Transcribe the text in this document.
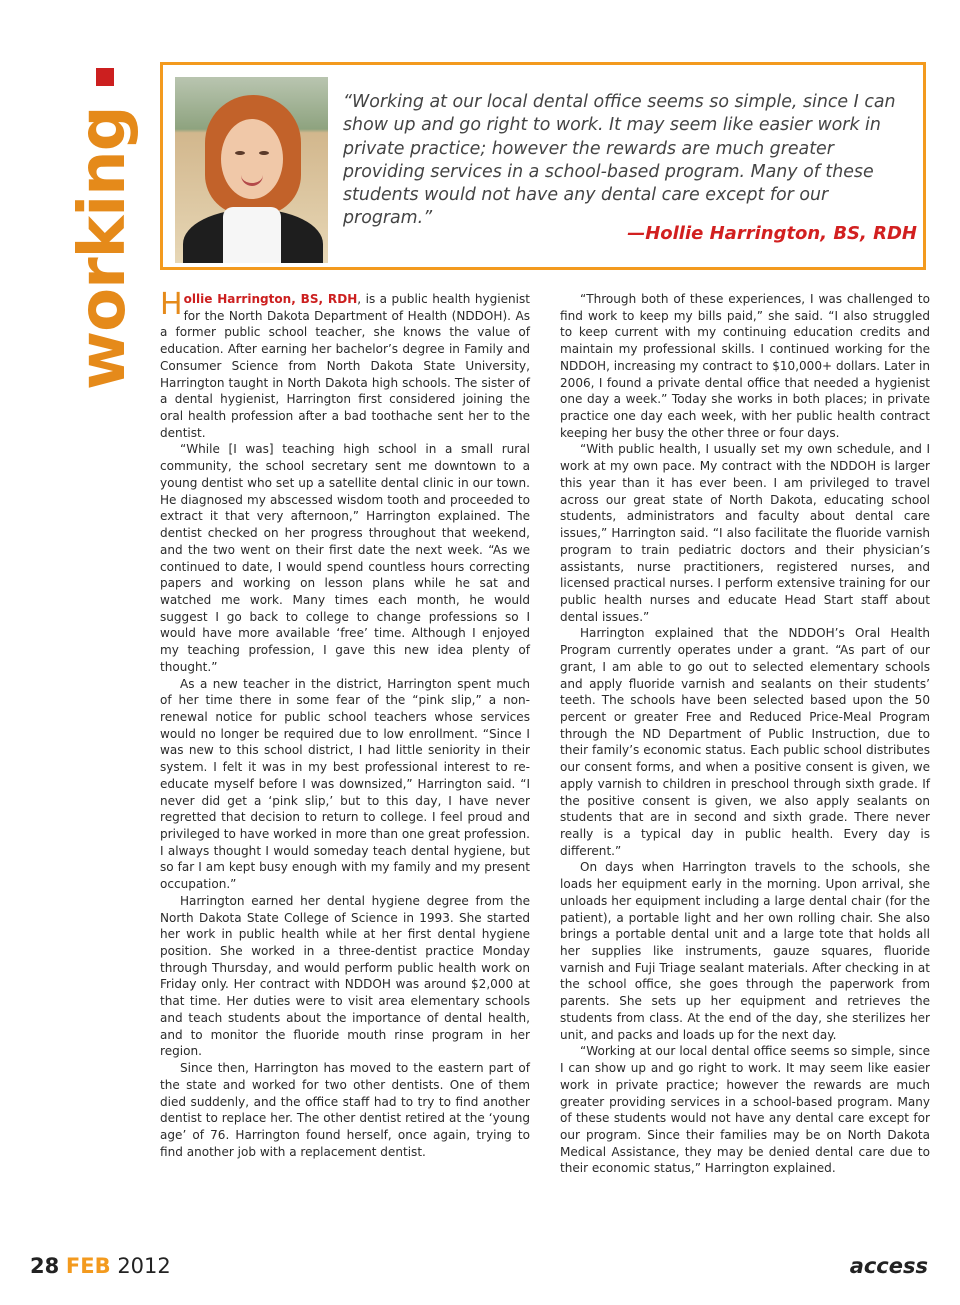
working
“Working at our local dental office seems so simple, since I can show up and go right to work. It may seem like easier work in private practice; however the rewards are much greater providing services in a school-based program. Many of these students would not have any dental care except for our program.”
—Hollie Harrington, BS, RDH

Hollie Harrington, BS, RDH, is a public health hygienist for the North Dakota Department of Health (NDDOH). As a former public school teacher, she knows the value of education. After earning her bachelor’s degree in Family and Consumer Science from North Dakota State University, Harrington taught in North Dakota high schools. The sister of a dental hygienist, Harrington first considered joining the oral health profession after a bad toothache sent her to the dentist.

“While [I was] teaching high school in a small rural community, the school secretary sent me downtown to a young dentist who set up a satellite dental clinic in our town. He diagnosed my abscessed wisdom tooth and proceeded to extract it that very afternoon,” Harrington explained. The dentist checked on her progress throughout that weekend, and the two went on their first date the next week. “As we continued to date, I would spend countless hours correcting papers and working on lesson plans while he sat and watched me work. Many times each month, he would suggest I go back to college to change professions so I would have more available ‘free’ time. Although I enjoyed my teaching profession, I gave this new idea plenty of thought.”

As a new teacher in the district, Harrington spent much of her time there in some fear of the “pink slip,” a non-renewal notice for public school teachers whose services would no longer be required due to low enrollment. “Since I was new to this school district, I had little seniority in their system. I felt it was in my best professional interest to re-educate myself before I was downsized,” Harrington said. “I never did get a ‘pink slip,’ but to this day, I have never regretted that decision to return to college. I feel proud and privileged to have worked in more than one great profession. I always thought I would someday teach dental hygiene, but so far I am kept busy enough with my family and my present occupation.”

Harrington earned her dental hygiene degree from the North Dakota State College of Science in 1993. She started her work in public health while at her first dental hygiene position. She worked in a three-dentist practice Monday through Thursday, and would perform public health work on Friday only. Her contract with NDDOH was around $2,000 at that time. Her duties were to visit area elementary schools and teach students about the importance of dental health, and to monitor the fluoride mouth rinse program in her region.

Since then, Harrington has moved to the eastern part of the state and worked for two other dentists. One of them died suddenly, and the office staff had to try to find another dentist to replace her. The other dentist retired at the ‘young age’ of 76. Harrington found herself, once again, trying to find another job with a replacement dentist.

“Through both of these experiences, I was challenged to find work to keep my bills paid,” she said. “I also struggled to keep current with my continuing education credits and maintain my professional skills. I continued working for the NDDOH, increasing my contract to $10,000+ dollars. Later in 2006, I found a private dental office that needed a hygienist one day a week.” Today she works in both places; in private practice one day each week, with her public health contract keeping her busy the other three or four days.

“With public health, I usually set my own schedule, and I work at my own pace. My contract with the NDDOH is larger this year than it has ever been. I am privileged to travel across our great state of North Dakota, educating school students, administrators and faculty about dental care issues,” Harrington said. “I also facilitate the fluoride varnish program to train pediatric doctors and their physician’s assistants, nurse practitioners, registered nurses, and licensed practical nurses. I perform extensive training for our public health nurses and educate Head Start staff about dental issues.”

Harrington explained that the NDDOH’s Oral Health Program currently operates under a grant. “As part of our grant, I am able to go out to selected elementary schools and apply fluoride varnish and sealants on their students’ teeth. The schools have been selected based upon the 50 percent or greater Free and Reduced Price-Meal Program through the ND Department of Public Instruction, due to their family’s economic status. Each public school distributes our consent forms, and when a positive consent is given, we apply varnish to children in preschool through sixth grade. If the positive consent is given, we also apply sealants on students that are in second and sixth grade. There never really is a typical day in public health. Every day is different.”

On days when Harrington travels to the schools, she loads her equipment early in the morning. Upon arrival, she unloads her equipment including a large dental chair (for the patient), a portable light and her own rolling chair. She also brings a portable dental unit and a large tote that holds all her supplies like instruments, gauze squares, fluoride varnish and Fuji Triage sealant materials. After checking in at the school office, she goes through the paperwork from parents. She sets up her equipment and retrieves the students from class. At the end of the day, she sterilizes her unit, and packs and loads up for the next day.

“Working at our local dental office seems so simple, since I can show up and go right to work. It may seem like easier work in private practice; however the rewards are much greater providing services in a school-based program. Many of these students would not have any dental care except for our program. Since their families may be on North Dakota Medical Assistance, they may be denied dental care due to their economic status,” Harrington explained.

28 FEB 2012	access
